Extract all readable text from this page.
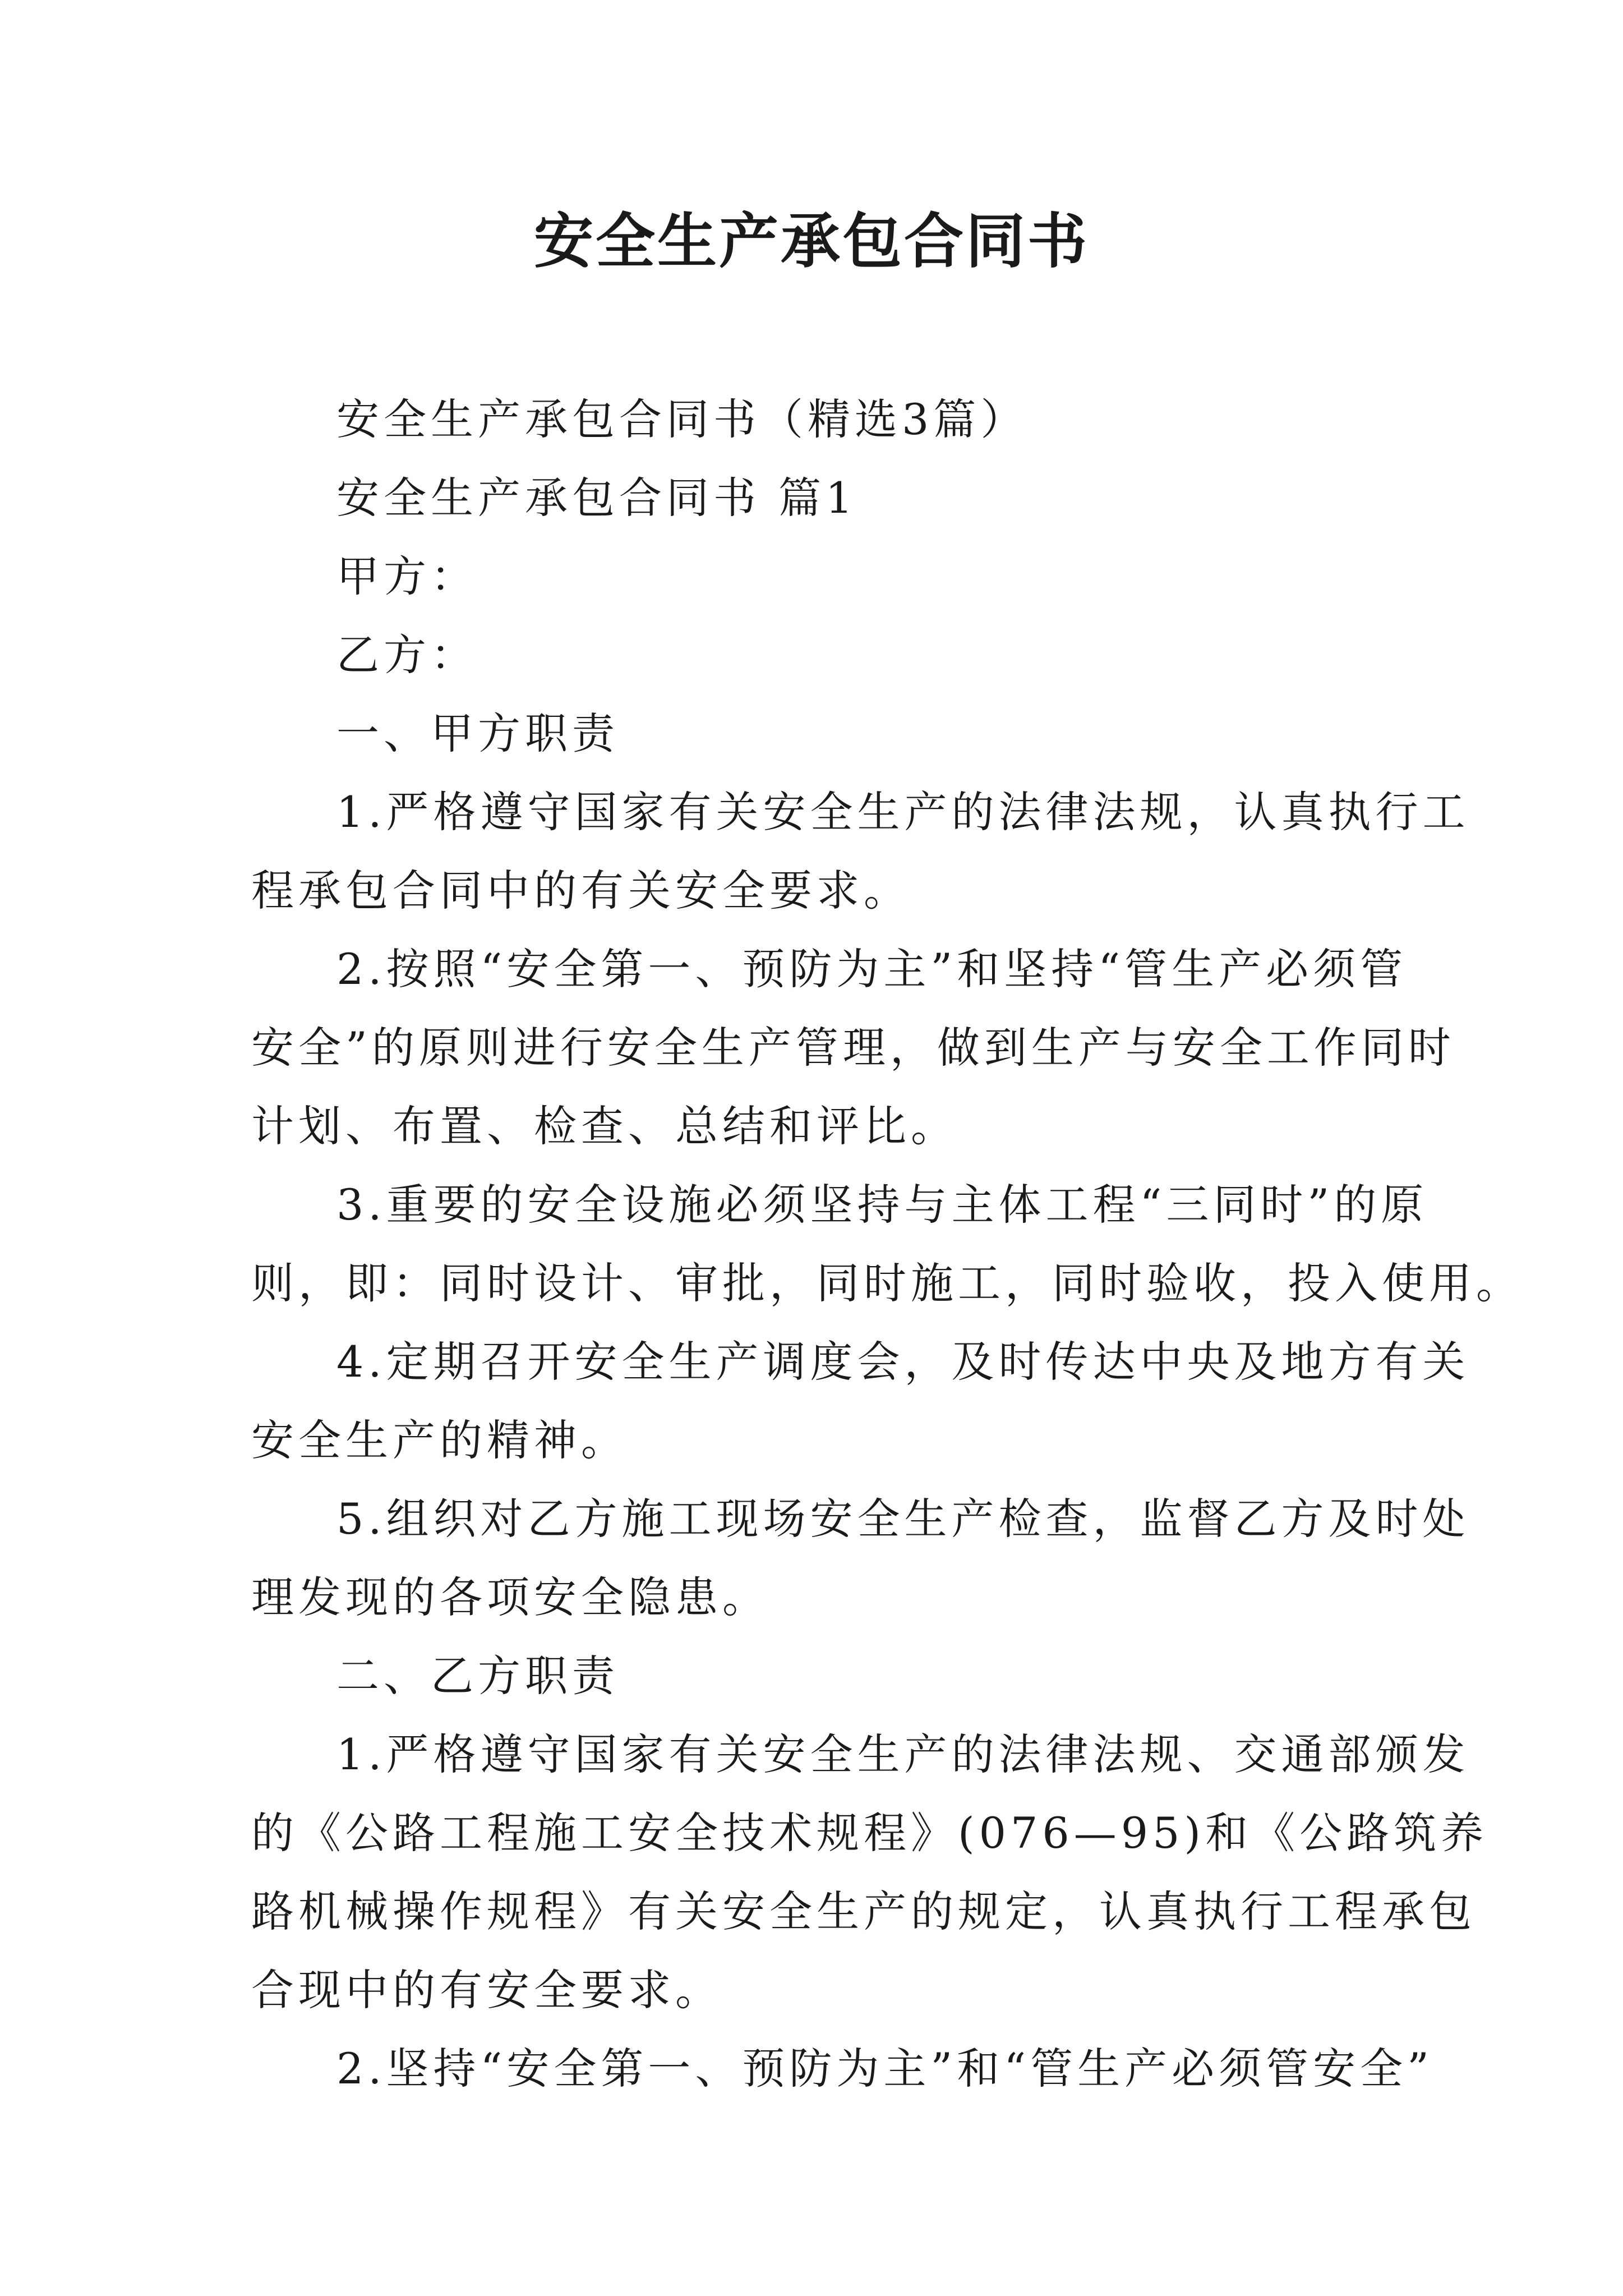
安全生产承包合同书
安全生产承包合同书（精选3篇）
安全生产承包合同书 篇1
甲方：
乙方：
一、甲方职责
1.严格遵守国家有关安全生产的法律法规，认真执行工
程承包合同中的有关安全要求。
2.按照“安全第一、预防为主”和坚持“管生产必须管
安全”的原则进行安全生产管理，做到生产与安全工作同时
计划、布置、检查、总结和评比。
3.重要的安全设施必须坚持与主体工程“三同时”的原
则，即：同时设计、审批，同时施工，同时验收，投入使用。
4.定期召开安全生产调度会，及时传达中央及地方有关
安全生产的精神。
5.组织对乙方施工现场安全生产检查，监督乙方及时处
理发现的各项安全隐患。
二、乙方职责
1.严格遵守国家有关安全生产的法律法规、交通部颁发
的《公路工程施工安全技术规程》(076—95)和《公路筑养
路机械操作规程》有关安全生产的规定，认真执行工程承包
合现中的有安全要求。
2.坚持“安全第一、预防为主”和“管生产必须管安全”
